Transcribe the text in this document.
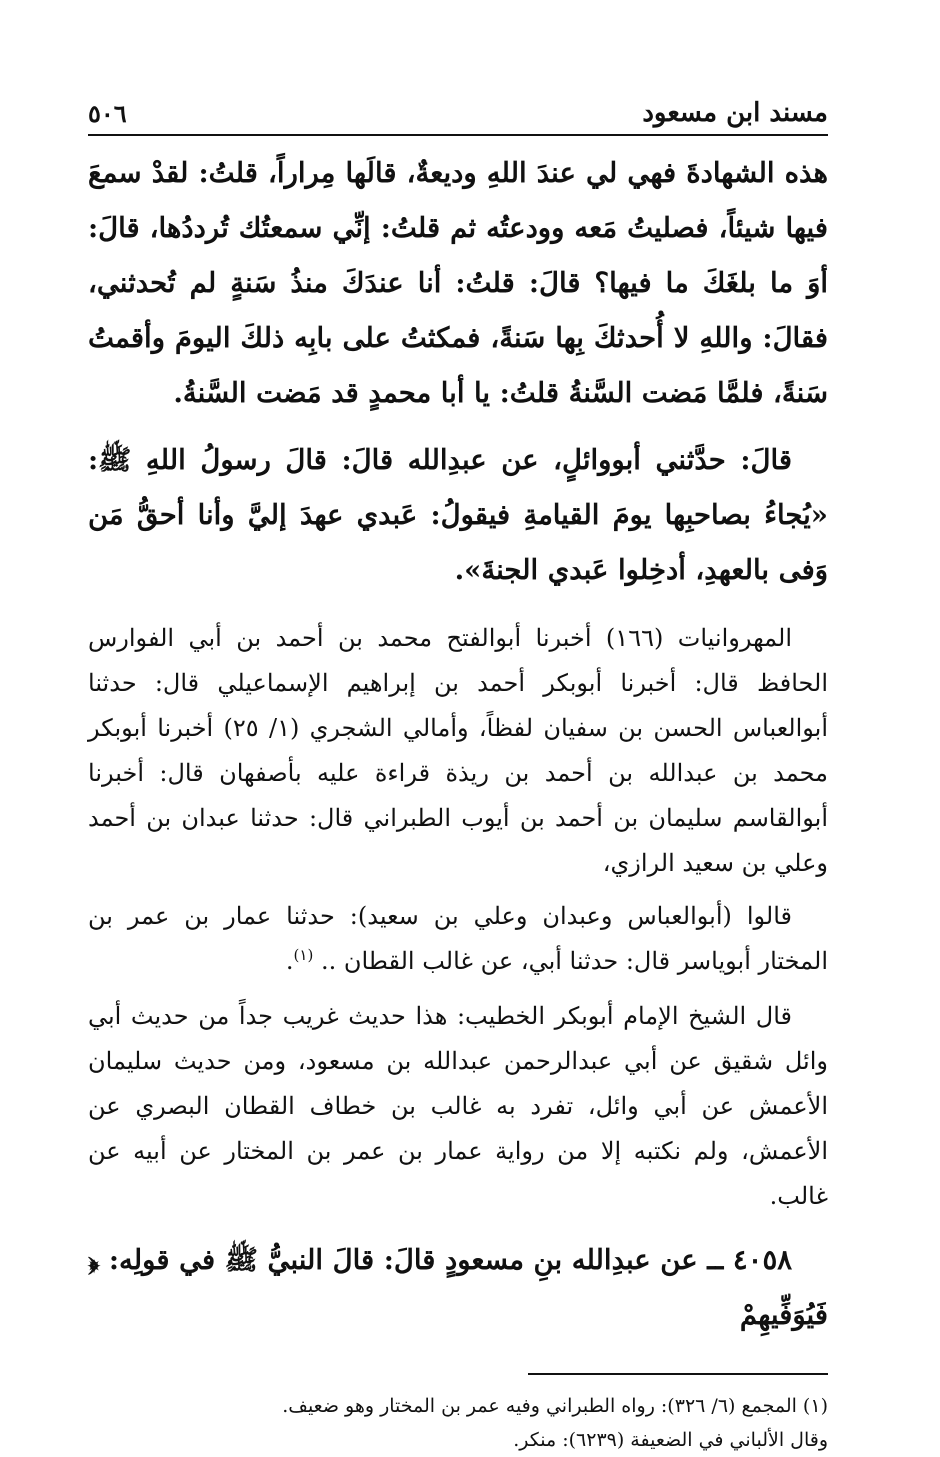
مسند ابن مسعود
٥٠٦

هذه الشهادةَ فهي لي عندَ اللهِ وديعةٌ، قالَها مِراراً، قلتُ: لقدْ سمعَ فيها شيئاً، فصليتُ مَعه وودعتُه ثم قلتُ: إنِّي سمعتُك تُرددُها، قالَ: أوَ ما بلغَكَ ما فيها؟ قالَ: قلتُ: أنا عندَكَ منذُ سَنةٍ لم تُحدثني، فقالَ: واللهِ لا أُحدثكَ بِها سَنةً، فمكثتُ على بابِه ذلكَ اليومَ وأقمتُ سَنةً، فلمَّا مَضت السَّنةُ قلتُ: يا أبا محمدٍ قد مَضت السَّنةُ.

قالَ: حدَّثني أبووائلٍ، عن عبدِالله قالَ: قالَ رسولُ اللهِ ﷺ: «يُجاءُ بصاحبِها يومَ القيامةِ فيقولُ: عَبدي عهدَ إليَّ وأنا أحقُّ مَن وَفى بالعهدِ، أدخِلوا عَبدي الجنةَ».

المهروانيات (١٦٦) أخبرنا أبوالفتح محمد بن أحمد بن أبي الفوارس الحافظ قال: أخبرنا أبوبكر أحمد بن إبراهيم الإسماعيلي قال: حدثنا أبوالعباس الحسن بن سفيان لفظاً، وأمالي الشجري (١/ ٢٥) أخبرنا أبوبكر محمد بن عبدالله بن أحمد بن ريذة قراءة عليه بأصفهان قال: أخبرنا أبوالقاسم سليمان بن أحمد بن أيوب الطبراني قال: حدثنا عبدان بن أحمد وعلي بن سعيد الرازي،

قالوا (أبوالعباس وعبدان وعلي بن سعيد): حدثنا عمار بن عمر بن المختار أبوياسر قال: حدثنا أبي، عن غالب القطان .. $^{(١)}$.

قال الشيخ الإمام أبوبكر الخطيب: هذا حديث غريب جداً من حديث أبي وائل شقيق عن أبي عبدالرحمن عبدالله بن مسعود، ومن حديث سليمان الأعمش عن أبي وائل، تفرد به غالب بن خطاف القطان البصري عن الأعمش، ولم نكتبه إلا من رواية عمار بن عمر بن المختار عن أبيه عن غالب.

٤٠٥٨ ــ عن عبدِالله بنِ مسعودٍ قالَ: قالَ النبيُّ ﷺ في قولِه: ﴿ فَيُوَفِّيهِمْ

(١) المجمع (٦/ ٣٢٦): رواه الطبراني وفيه عمر بن المختار وهو ضعيف.
وقال الألباني في الضعيفة (٦٢٣٩): منكر.
